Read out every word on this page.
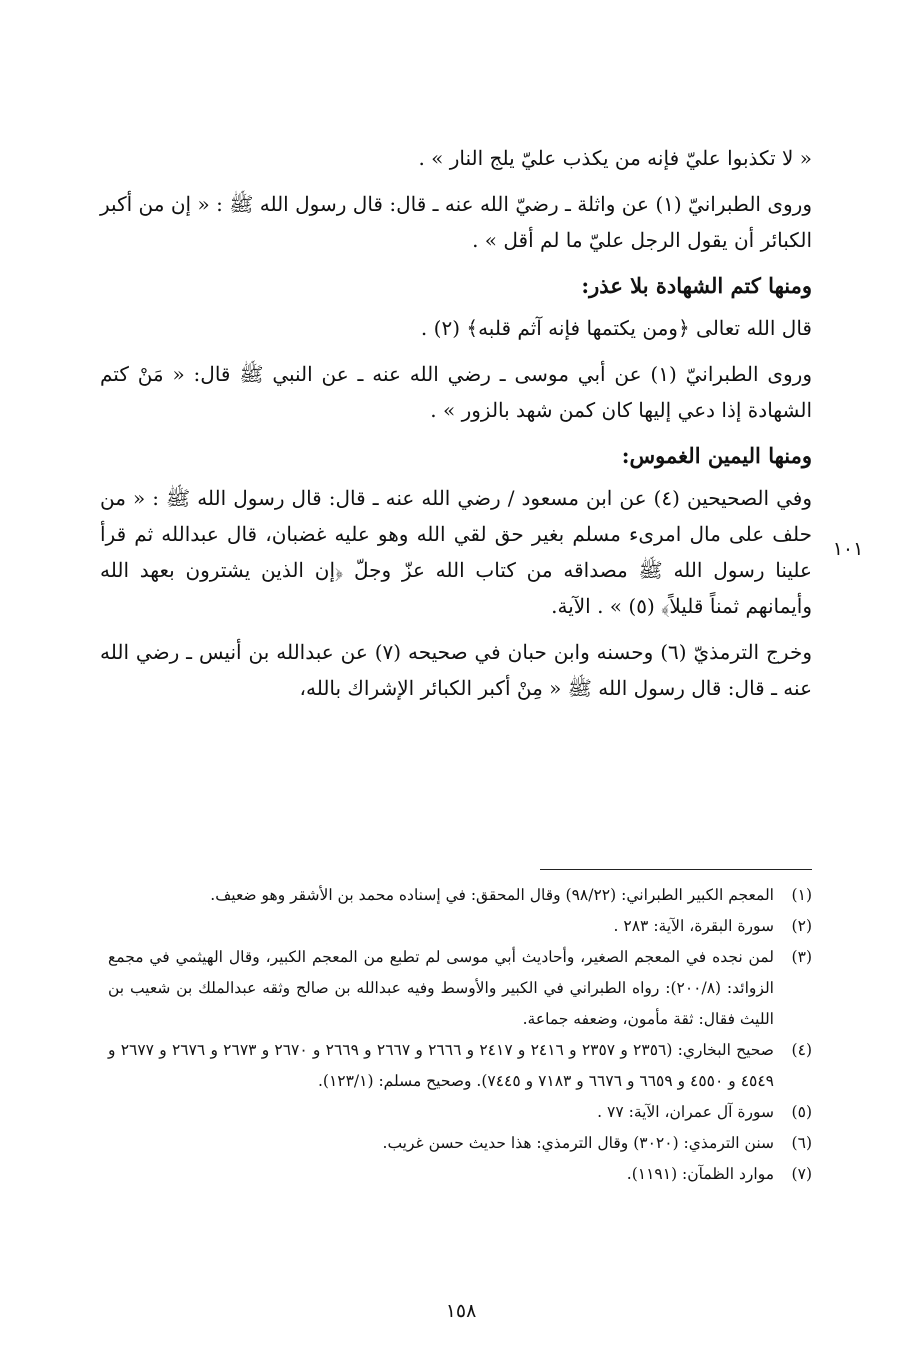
« لا تكذبوا عليّ فإنه من يكذب عليّ يلج النار » .

وروى الطبرانيّ (١) عن واثلة ـ رضيّ الله عنه ـ قال: قال رسول الله ﷺ : « إن من أكبر الكبائر أن يقول الرجل عليّ ما لم أقل » .

ومنها كتم الشهادة بلا عذر:

قال الله تعالى ﴿ومن يكتمها فإنه آثم قلبه﴾ (٢) .

وروى الطبرانيّ (١) عن أبي موسى ـ رضي الله عنه ـ عن النبي ﷺ قال: « مَنْ كتم الشهادة إذا دعي إليها كان كمن شهد بالزور » .

ومنها اليمين الغموس:

وفي الصحيحين (٤) عن ابن مسعود / رضي الله عنه ـ قال: قال رسول الله ﷺ : « من حلف على مال امرىء مسلم بغير حق لقي الله وهو عليه غضبان، قال عبدالله ثم قرأ علينا رسول الله ﷺ مصداقه من كتاب الله عزّ وجلّ ﴿إن الذين يشترون بعهد الله وأيمانهم ثمناً قليلاً﴾ (٥) » . الآية.

وخرج الترمذيّ (٦) وحسنه وابن حبان في صحيحه (٧) عن عبدالله بن أنيس ـ رضي الله عنه ـ قال: قال رسول الله ﷺ « مِنْ أكبر الكبائر الإشراك بالله،

١٠١
(١)
المعجم الكبير الطبراني: (٩٨/٢٢) وقال المحقق: في إسناده محمد بن الأشقر وهو ضعيف.
(٢)
سورة البقرة، الآية: ٢٨٣ .
(٣)
لمن نجده في المعجم الصغير، وأحاديث أبي موسى لم تطبع من المعجم الكبير، وقال الهيثمي في مجمع الزوائد: (٢٠٠/٨): رواه الطبراني في الكبير والأوسط وفيه عبدالله بن صالح وثقه عبدالملك بن شعيب بن الليث فقال: ثقة مأمون، وضعفه جماعة.
(٤)
صحيح البخاري: (٢٣٥٦ و ٢٣٥٧ و ٢٤١٦ و ٢٤١٧ و ٢٦٦٦ و ٢٦٦٧ و ٢٦٦٩ و ٢٦٧٠ و ٢٦٧٣ و ٢٦٧٦ و ٢٦٧٧ و ٤٥٤٩ و ٤٥٥٠ و ٦٦٥٩ و ٦٦٧٦ و ٧١٨٣ و ٧٤٤٥). وصحيح مسلم: (١٢٣/١).
(٥)
سورة آل عمران، الآية: ٧٧ .
(٦)
سنن الترمذي: (٣٠٢٠) وقال الترمذي: هذا حديث حسن غريب.
(٧)
موارد الظمآن: (١١٩١).
١٥٨
